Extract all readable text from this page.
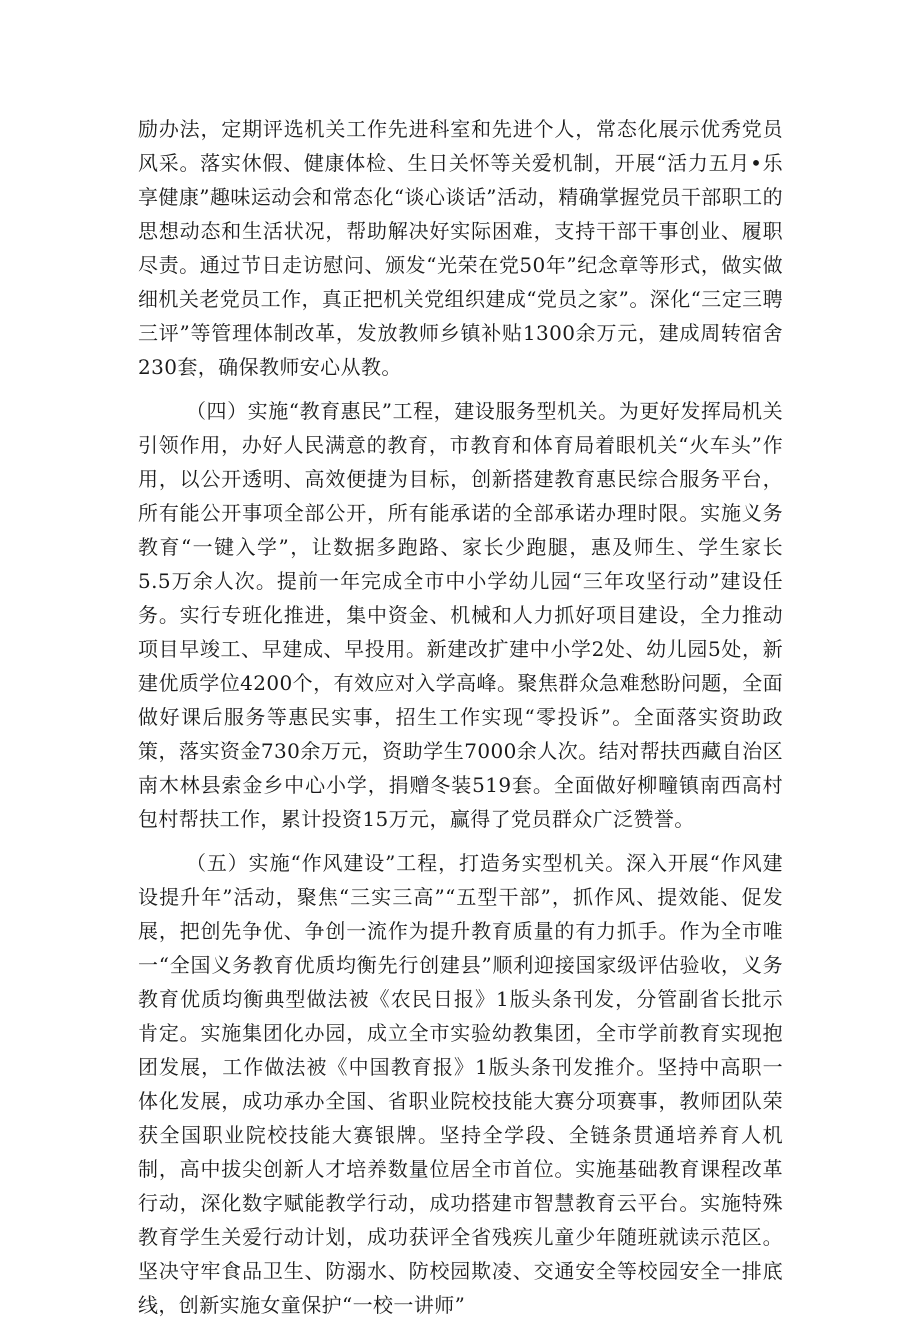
励办法，定期评选机关工作先进科室和先进个人，常态化展示优秀党员风采。落实休假、健康体检、生日关怀等关爱机制，开展“活力五月•乐享健康”趣味运动会和常态化“谈心谈话”活动，精确掌握党员干部职工的思想动态和生活状况，帮助解决好实际困难，支持干部干事创业、履职尽责。通过节日走访慰问、颁发“光荣在党50年”纪念章等形式，做实做细机关老党员工作，真正把机关党组织建成“党员之家”。深化“三定三聘三评”等管理体制改革，发放教师乡镇补贴1300余万元，建成周转宿舍230套，确保教师安心从教。

（四）实施“教育惠民”工程，建设服务型机关。为更好发挥局机关引领作用，办好人民满意的教育，市教育和体育局着眼机关“火车头”作用，以公开透明、高效便捷为目标，创新搭建教育惠民综合服务平台，所有能公开事项全部公开，所有能承诺的全部承诺办理时限。实施义务教育“一键入学”，让数据多跑路、家长少跑腿，惠及师生、学生家长5.5万余人次。提前一年完成全市中小学幼儿园“三年攻坚行动”建设任务。实行专班化推进，集中资金、机械和人力抓好项目建设，全力推动项目早竣工、早建成、早投用。新建改扩建中小学2处、幼儿园5处，新建优质学位4200个，有效应对入学高峰。聚焦群众急难愁盼问题，全面做好课后服务等惠民实事，招生工作实现“零投诉”。全面落实资助政策，落实资金730余万元，资助学生7000余人次。结对帮扶西藏自治区南木林县索金乡中心小学，捐赠冬装519套。全面做好柳疃镇南西高村包村帮扶工作，累计投资15万元，赢得了党员群众广泛赞誉。

（五）实施“作风建设”工程，打造务实型机关。深入开展“作风建设提升年”活动，聚焦“三实三高”“五型干部”，抓作风、提效能、促发展，把创先争优、争创一流作为提升教育质量的有力抓手。作为全市唯一“全国义务教育优质均衡先行创建县”顺利迎接国家级评估验收，义务教育优质均衡典型做法被《农民日报》1版头条刊发，分管副省长批示肯定。实施集团化办园，成立全市实验幼教集团，全市学前教育实现抱团发展，工作做法被《中国教育报》1版头条刊发推介。坚持中高职一体化发展，成功承办全国、省职业院校技能大赛分项赛事，教师团队荣获全国职业院校技能大赛银牌。坚持全学段、全链条贯通培养育人机制，高中拔尖创新人才培养数量位居全市首位。实施基础教育课程改革行动，深化数字赋能教学行动，成功搭建市智慧教育云平台。实施特殊教育学生关爱行动计划，成功获评全省残疾儿童少年随班就读示范区。坚决守牢食品卫生、防溺水、防校园欺凌、交通安全等校园安全一排底线，创新实施女童保护“一校一讲师”
